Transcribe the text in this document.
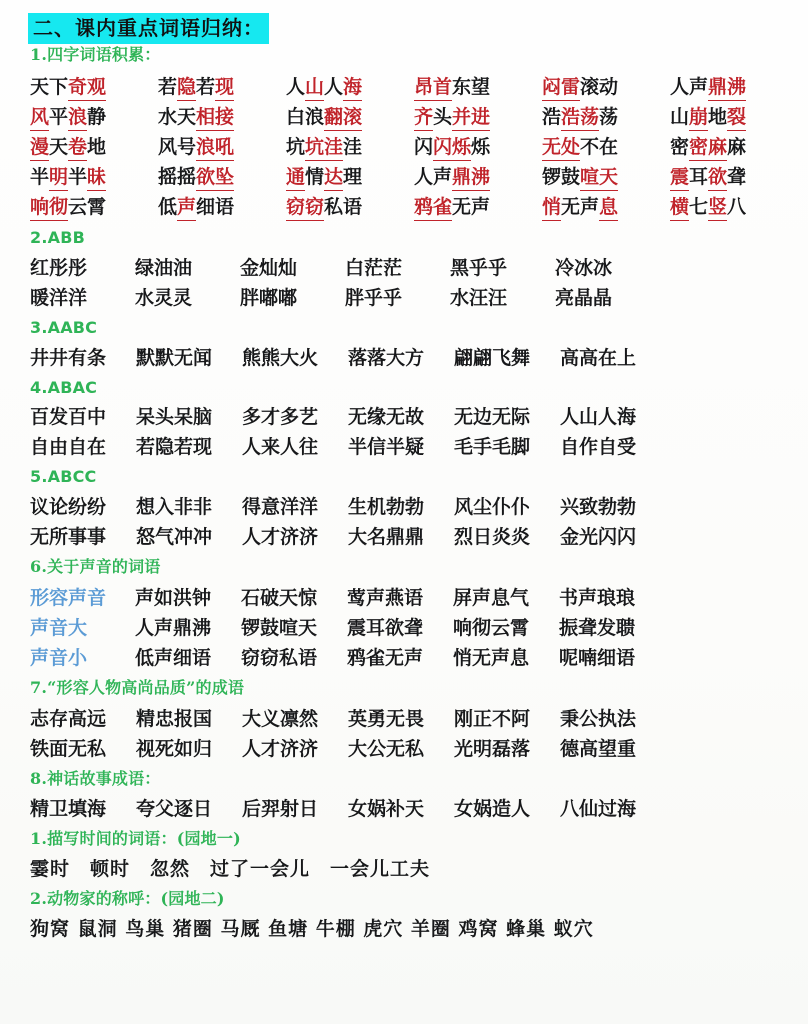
二、课内重点词语归纳：
1.四字词语积累：
天下奇观	若隐若现	人山人海	昂首东望	闷雷滚动	人声鼎沸
风平浪静	水天相接	白浪翻滚	齐头并进	浩浩荡荡	山崩地裂
漫天卷地	风号浪吼	坑坑洼洼	闪闪烁烁	无处不在	密密麻麻
半明半昧	摇摇欲坠	通情达理	人声鼎沸	锣鼓喧天	震耳欲聋
响彻云霄	低声细语	窃窃私语	鸦雀无声	悄无声息	横七竖八
2.ABB
红彤彤	绿油油	金灿灿	白茫茫	黑乎乎	冷冰冰
暖洋洋	水灵灵	胖嘟嘟	胖乎乎	水汪汪	亮晶晶
3.AABC
井井有条 默默无闻 熊熊大火 落落大方 翩翩飞舞 高高在上
4.ABAC
百发百中 呆头呆脑 多才多艺 无缘无故 无边无际 人山人海
自由自在 若隐若现 人来人往 半信半疑 毛手毛脚 自作自受
5.ABCC
议论纷纷 想入非非 得意洋洋 生机勃勃 风尘仆仆 兴致勃勃
无所事事 怒气冲冲 人才济济 大名鼎鼎 烈日炎炎 金光闪闪
6.关于声音的词语
形容声音 声如洪钟 石破天惊 莺声燕语 屏声息气 书声琅琅
声音大	人声鼎沸 锣鼓喧天 震耳欲聋 响彻云霄 振聋发聩
声音小	低声细语 窃窃私语 鸦雀无声 悄无声息 呢喃细语
7.“形容人物高尚品质”的成语
志存高远 精忠报国 大义凛然 英勇无畏 刚正不阿 秉公执法
铁面无私 视死如归 人才济济 大公无私 光明磊落 德高望重
8.神话故事成语：
精卫填海 夸父逐日 后羿射日 女娲补天 女娲造人 八仙过海
1.描写时间的词语：(园地一)
霎时　顿时　忽然　过了一会儿　一会儿工夫
2.动物家的称呼：(园地二)
狗窝 鼠洞 鸟巢 猪圈 马厩 鱼塘 牛棚 虎穴 羊圈 鸡窝 蜂巢 蚁穴
